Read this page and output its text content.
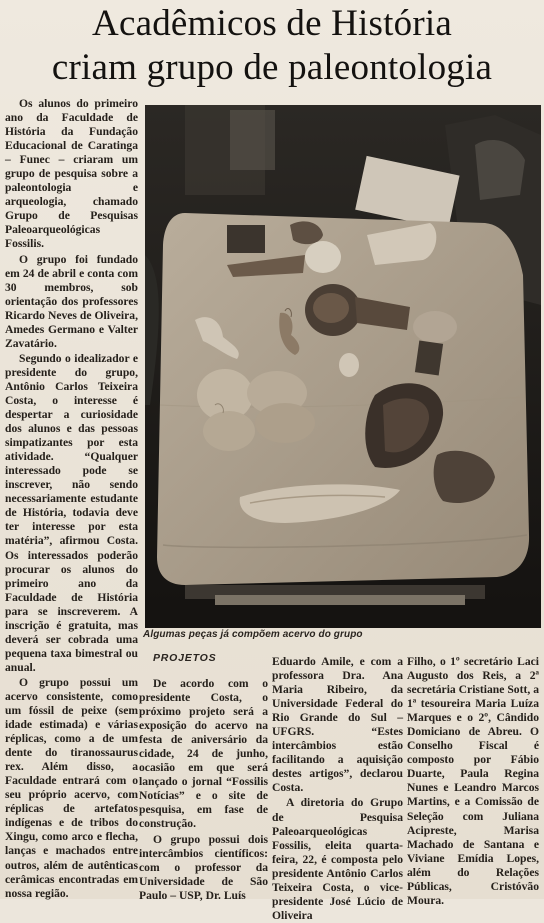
Acadêmicos de História
criam grupo de paleontologia

Os alunos do primeiro ano da Faculdade de História da Fundação Educacional de Caratinga – Funec – criaram um grupo de pesquisa sobre a paleontologia e arqueologia, chamado Grupo de Pesquisas Paleoarqueológicas Fossilis.

O grupo foi fundado em 24 de abril e conta com 30 membros, sob orientação dos professores Ricardo Neves de Oliveira, Amedes Germano e Valter Zavatário.

Segundo o idealizador e presidente do grupo, Antônio Carlos Teixeira Costa, o interesse é despertar a curiosidade dos alunos e das pessoas simpatizantes por esta atividade. “Qualquer interessado pode se inscrever, não sendo necessariamente estudante de História, todavia deve ter interesse por esta matéria”, afirmou Costa. Os interessados poderão procurar os alunos do primeiro ano da Faculdade de História para se inscreverem. A inscrição é gratuita, mas deverá ser cobrada uma pequena taxa bimestral ou anual.

O grupo possui um acervo consistente, como um fóssil de peixe (sem idade estimada) e várias réplicas, como a de um dente do tiranossaurus rex. Além disso, a Faculdade entrará com o seu próprio acervo, com réplicas de artefatos indígenas e de tribos do Xingu, como arco e flecha, lanças e machados entre outros, além de autênticas cerâmicas encontradas em nossa região.

Algumas peças já compõem acervo do grupo
PROJETOS

De acordo com o presidente Costa, o próximo projeto será a exposição do acervo na festa de aniversário da cidade, 24 de junho, ocasião em que será lançado o jornal “Fossilis Notícias” e o site de pesquisa, em fase de construção.

O grupo possui dois intercâmbios científicos: com o professor da Universidade de São Paulo – USP, Dr. Luís

Eduardo Amile, e com a professora Dra. Ana Maria Ribeiro, da Universidade Federal do Rio Grande do Sul – UFGRS. “Estes intercâmbios estão facilitando a aquisição destes artigos”, declarou Costa.

A diretoria do Grupo de Pesquisa Paleoarqueológicas Fossilis, eleita quarta-feira, 22, é composta pelo presidente Antônio Carlos Teixeira Costa, o vice-presidente José Lúcio de Oliveira

Filho, o 1º secretário Laci Augusto dos Reis, a 2ª secretária Cristiane Sott, a 1ª tesoureira Maria Luíza Marques e o 2º, Cândido Domiciano de Abreu. O Conselho Fiscal é composto por Fábio Duarte, Paula Regina Nunes e Leandro Marcos Martins, e a Comissão de Seleção com Juliana Acipreste, Marisa Machado de Santana e Viviane Emídia Lopes, além do Relações Públicas, Cristóvão Moura.
